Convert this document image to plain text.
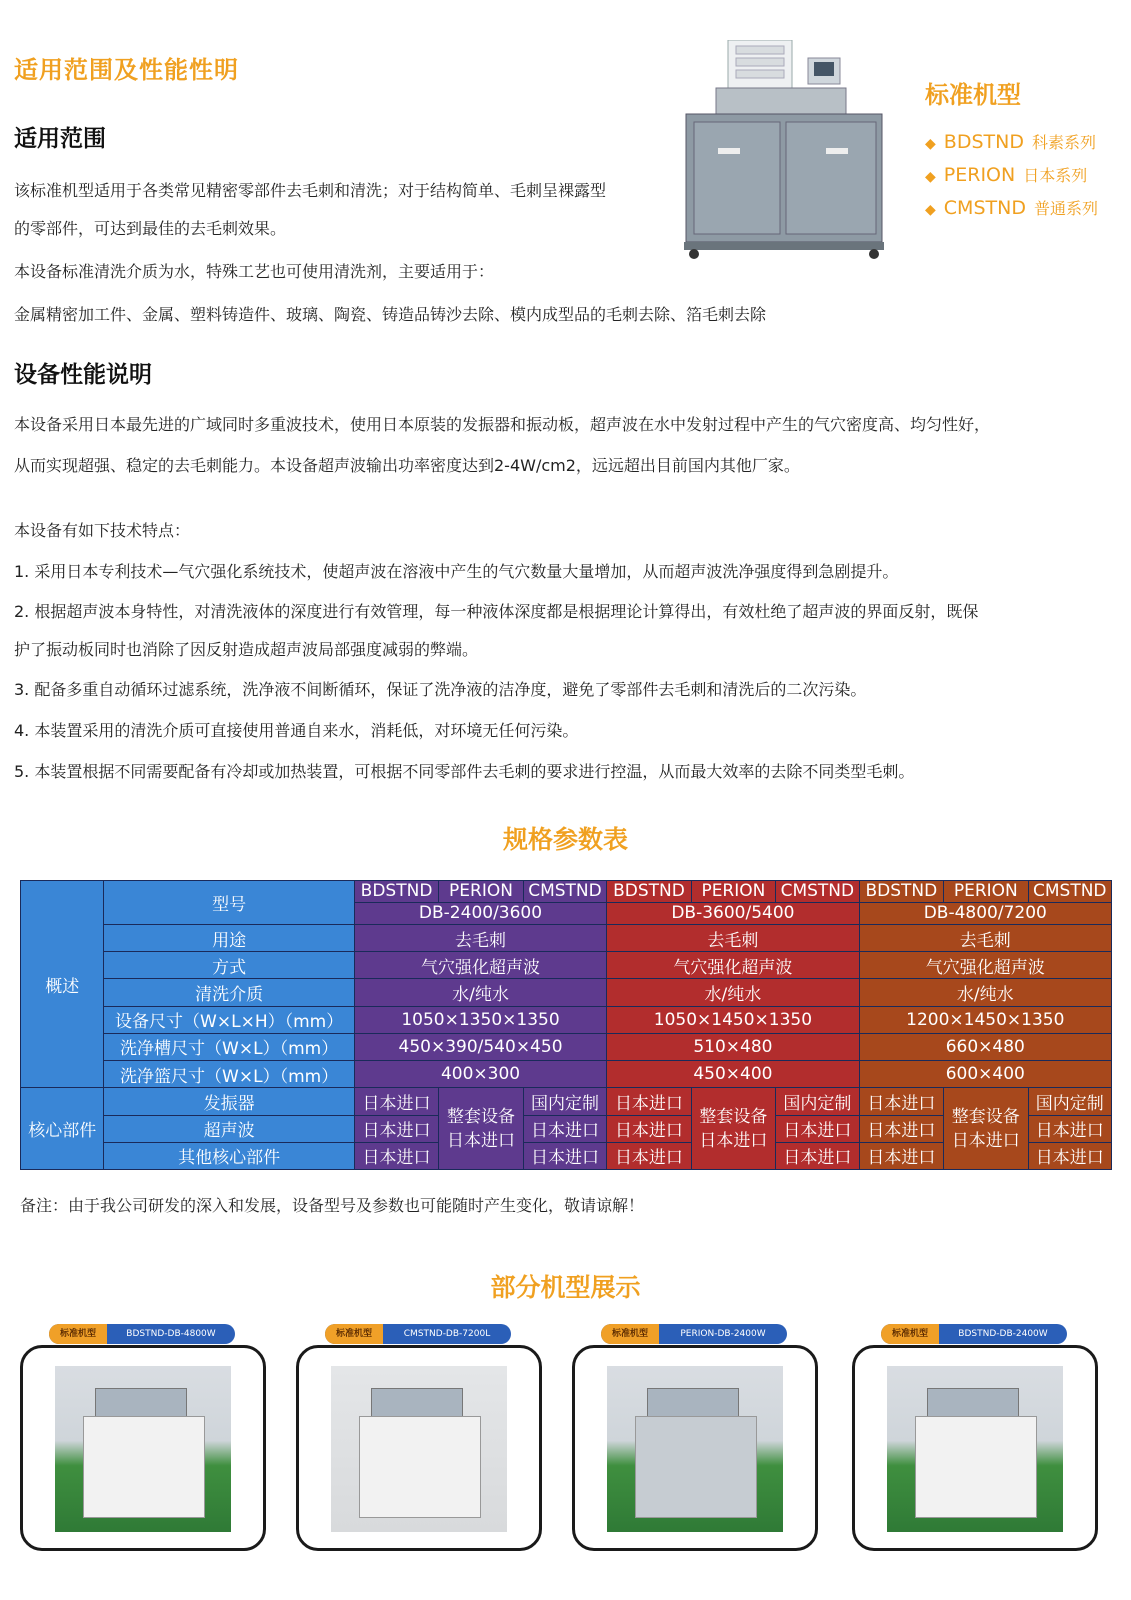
适用范围及性能性明
适用范围
该标准机型适用于各类常见精密零部件去毛刺和清洗；对于结构简单、毛刺呈裸露型
的零部件，可达到最佳的去毛刺效果。
本设备标准清洗介质为水，特殊工艺也可使用清洗剂，主要适用于：
金属精密加工件、金属、塑料铸造件、玻璃、陶瓷、铸造品铸沙去除、模内成型品的毛刺去除、箔毛刺去除
标准机型
◆ BDSTND 科素系列
◆ PERION 日本系列
◆ CMSTND 普通系列
设备性能说明
本设备采用日本最先进的广域同时多重波技术，使用日本原装的发振器和振动板，超声波在水中发射过程中产生的气穴密度高、均匀性好，
从而实现超强、稳定的去毛刺能力。本设备超声波输出功率密度达到2-4W/cm2，远远超出目前国内其他厂家。
本设备有如下技术特点：
1. 采用日本专利技术—气穴强化系统技术，使超声波在溶液中产生的气穴数量大量增加，从而超声波洗净强度得到急剧提升。
2. 根据超声波本身特性，对清洗液体的深度进行有效管理，每一种液体深度都是根据理论计算得出，有效杜绝了超声波的界面反射，既保
护了振动板同时也消除了因反射造成超声波局部强度减弱的弊端。
3. 配备多重自动循环过滤系统，洗净液不间断循环，保证了洗净液的洁净度，避免了零部件去毛刺和清洗后的二次污染。
4. 本装置采用的清洗介质可直接使用普通自来水，消耗低，对环境无任何污染。
5. 本装置根据不同需要配备有冷却或加热装置，可根据不同零部件去毛刺的要求进行控温，从而最大效率的去除不同类型毛刺。
规格参数表
概述	型号	BDSTND	PERION	CMSTND	BDSTND	PERION	CMSTND	BDSTND	PERION	CMSTND
		DB-2400/3600			DB-3600/5400			DB-4800/7200		
	用途	去毛刺			去毛刺			去毛刺		
	方式	气穴强化超声波			气穴强化超声波			气穴强化超声波		
	清洗介质	水/纯水			水/纯水			水/纯水		
	设备尺寸（W×L×H）（mm）	1050×1350×1350			1050×1450×1350			1200×1450×1350		
	洗净槽尺寸（W×L）（mm）	450×390/540×450			510×480			660×480		
	洗净篮尺寸（W×L）（mm）	400×300			450×400			600×400		
核心部件	发振器	日本进口	整套设备日本进口	国内定制	日本进口	整套设备日本进口	国内定制	日本进口	整套设备日本进口	国内定制
	超声波	日本进口		日本进口	日本进口		日本进口	日本进口		日本进口
	其他核心部件	日本进口		日本进口	日本进口		日本进口	日本进口		日本进口
备注：由于我公司研发的深入和发展，设备型号及参数也可能随时产生变化，敬请谅解！
部分机型展示
标准机型	BDSTND-DB-4800W	标准机型	CMSTND-DB-7200L	标准机型	PERION-DB-2400W	标准机型	BDSTND-DB-2400W
